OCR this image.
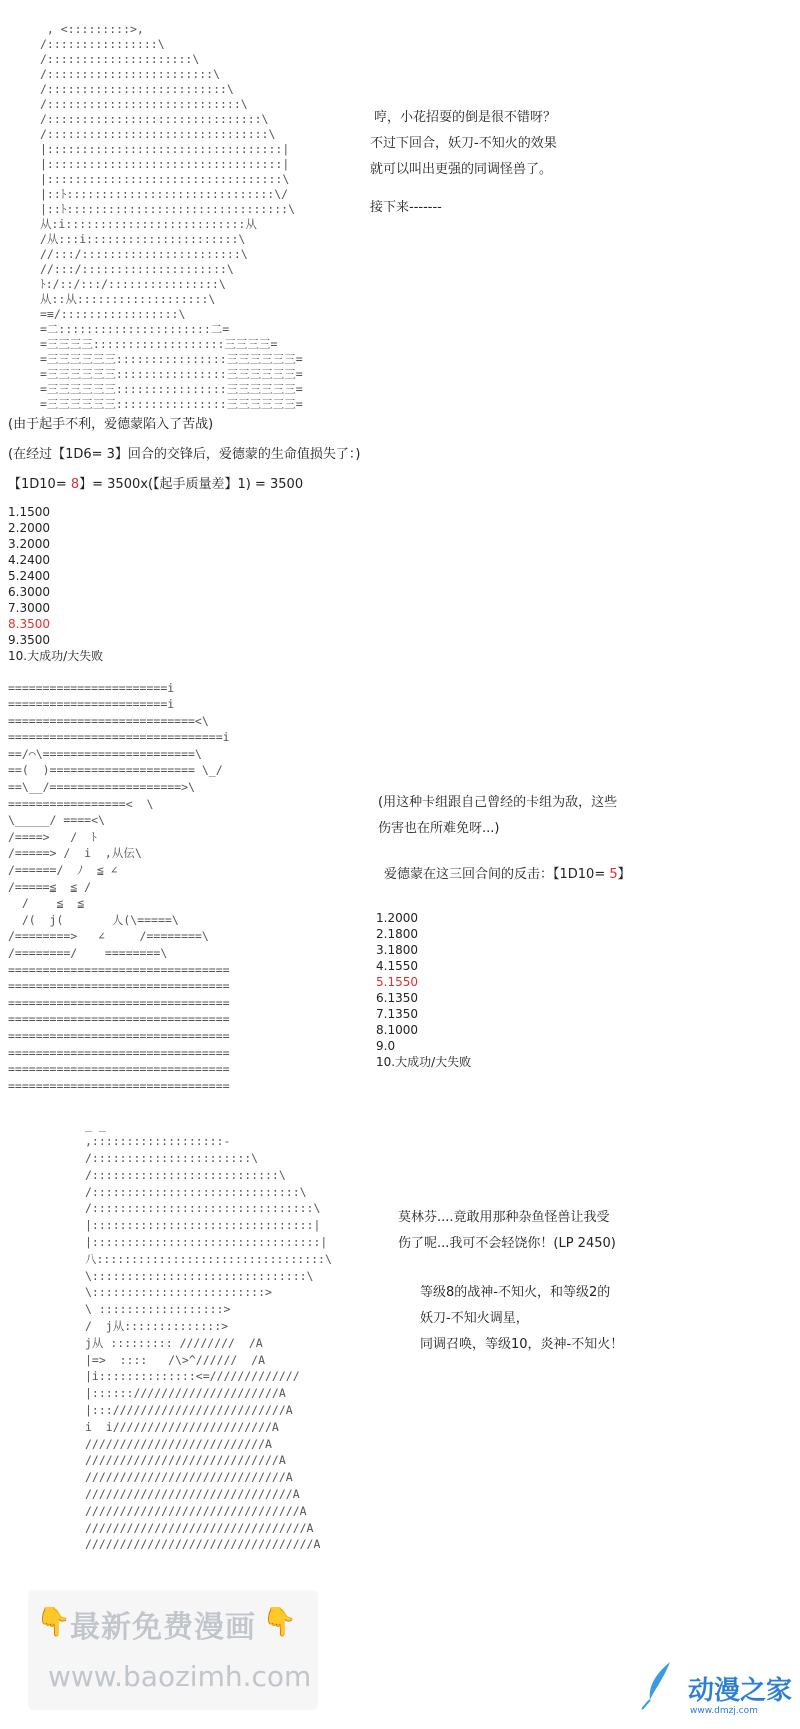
, <:::::::::>,
/::::::::::::::::\
/:::::::::::::::::::::\
/::::::::::::::::::::::::\
/::::::::::::::::::::::::::\
/::::::::::::::::::::::::::::\
/:::::::::::::::::::::::::::::::\
/::::::::::::::::::::::::::::::::\
|::::::::::::::::::::::::::::::::::|
|::::::::::::::::::::::::::::::::::|
|::::::::::::::::::::::::::::::::::\
|::ﾄ::::::::::::::::::::::::::::::\/
|::ﾄ::::::::::::::::::::::::::::::::\
从:i::::::::::::::::::::::::::从
/从:::i::::::::::::::::::::::\
//:::/:::::::::::::::::::::::\
//:::/:::::::::::::::::::::\
ﾄ:/::/:::/::::::::::::::::\
从::从:::::::::::::::::::\
=≡/:::::::::::::::::\
=二::::::::::::::::::::::二=
=三三三三:::::::::::::::::::三三三三=
=三三三三三三::::::::::::::::三三三三三三=
=三三三三三三::::::::::::::::三三三三三三=
=三三三三三三::::::::::::::::三三三三三三=
=三三三三三三::::::::::::::::三三三三三三=
哼，小花招耍的倒是很不错呀？
不过下回合，妖刀-不知火的效果
就可以叫出更强的同调怪兽了。
接下来-------
(由于起手不利，爱德蒙陷入了苦战)
(在经过【1D6= 3】回合的交锋后，爱德蒙的生命值损失了：)
【1D10= 8】= 3500x(【起手质量差】1) = 3500
1.1500
2.2000
3.2000
4.2400
5.2400
6.3000
7.3000
8.3500
9.3500
10.大成功/大失败
=======================i
=======================i
===========================<\
===============================i
==/⌒\======================\
==(  )===================== \_/
==\__/===================>\
=================<  \
\_____/ ====<\
/====>   /  ﾄ
/=====> /  i  ,从伝\
/======/  ﾉ  ≦ ∠
/=====≦  ≦ /
/    ≦  ≦
/(  j(       人(\=====\
/========>   ∠     /========\
/========/    ========\
================================
================================
================================
================================
================================
================================
================================
================================
(用这种卡组跟自己曾经的卡组为敌，这些
伤害也在所难免呀...)
爱德蒙在这三回合间的反击：【1D10= 5】
1.2000
2.1800
3.1800
4.1550
5.1550
6.1350
7.1350
8.1000
9.0
10.大成功/大失败
_ _
,:::::::::::::::::::-
/:::::::::::::::::::::::\
/:::::::::::::::::::::::::::\
/::::::::::::::::::::::::::::::\
/::::::::::::::::::::::::::::::::\
|::::::::::::::::::::::::::::::::|
|:::::::::::::::::::::::::::::::::|
八:::::::::::::::::::::::::::::::::\
\:::::::::::::::::::::::::::::::\
\:::::::::::::::::::::::::>
\ ::::::::::::::::::>
/  j从::::::::::::::>
j从 ::::::::: ////////  /A
|=>  ::::   /\>^//////  /A
|i::::::::::::::<=/////////////
|:::::://///////////////////A
|::://///////////////////////A
i  i///////////////////////A
//////////////////////////A
////////////////////////////A
/////////////////////////////A
//////////////////////////////A
///////////////////////////////A
////////////////////////////////A
/////////////////////////////////A
莫林芬....竟敢用那种杂鱼怪兽让我受
伤了呢...我可不会轻饶你！(LP 2450)
等级8的战神-不知火，和等级2的
妖刀-不知火调星，
同调召唤，等级10，炎神-不知火！
👇 最新免费漫画 👇
www.baozimh.com	动漫之家
www.dmzj.com
